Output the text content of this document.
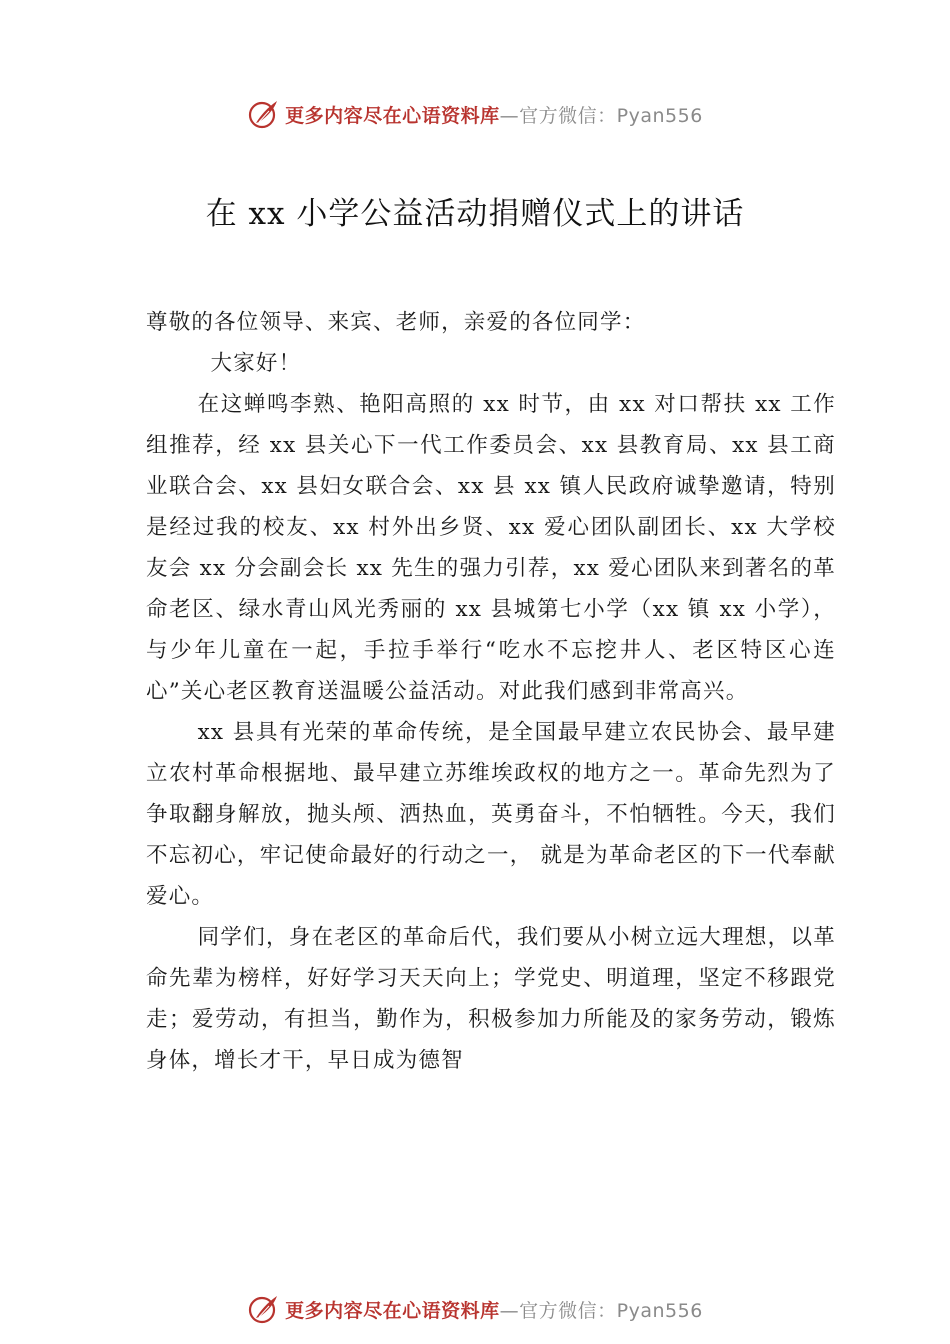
更多内容尽在心语资料库 —官方微信：Pyan556
在 xx 小学公益活动捐赠仪式上的讲话

尊敬的各位领导、来宾、老师，亲爱的各位同学：

大家好！

在这蝉鸣李熟、艳阳高照的 xx 时节，由 xx 对口帮扶 xx 工作组推荐，经 xx 县关心下一代工作委员会、xx 县教育局、xx 县工商业联合会、xx 县妇女联合会、xx 县 xx 镇人民政府诚挚邀请，特别是经过我的校友、xx 村外出乡贤、xx 爱心团队副团长、xx 大学校友会 xx 分会副会长 xx 先生的强力引荐，xx 爱心团队来到著名的革命老区、绿水青山风光秀丽的 xx 县城第七小学（xx 镇 xx 小学），与少年儿童在一起，手拉手举行“吃水不忘挖井人、老区特区心连心”关心老区教育送温暖公益活动。对此我们感到非常高兴。

xx 县具有光荣的革命传统，是全国最早建立农民协会、最早建立农村革命根据地、最早建立苏维埃政权的地方之一。革命先烈为了争取翻身解放，抛头颅、洒热血，英勇奋斗，不怕牺牲。今天，我们不忘初心，牢记使命最好的行动之一， 就是为革命老区的下一代奉献爱心。

同学们，身在老区的革命后代，我们要从小树立远大理想，以革命先辈为榜样，好好学习天天向上；学党史、明道理，坚定不移跟党走；爱劳动，有担当，勤作为，积极参加力所能及的家务劳动，锻炼身体，增长才干，早日成为德智

更多内容尽在心语资料库 —官方微信：Pyan556
